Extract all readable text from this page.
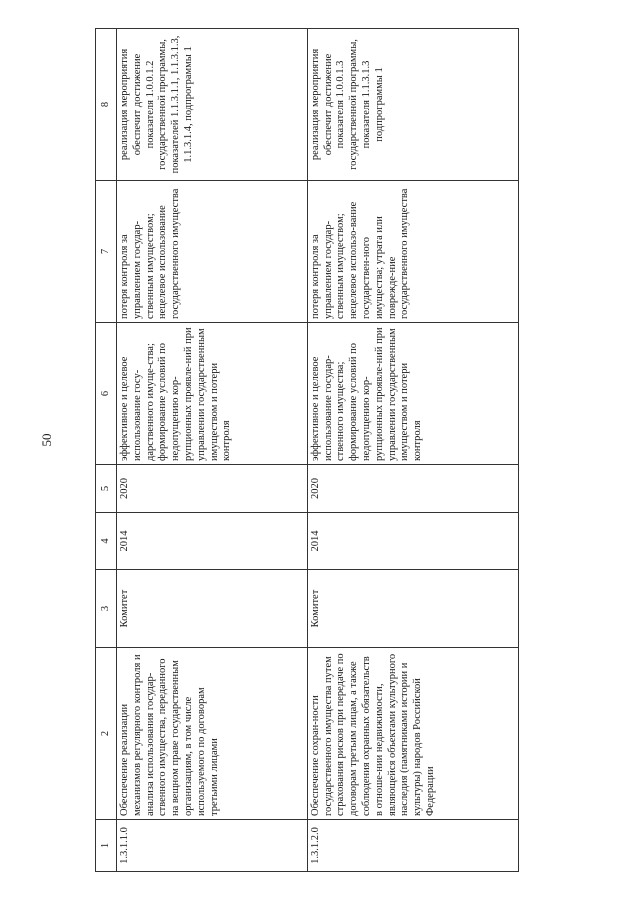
50
1	2	3	4	5	6	7	8
1.3.1.1.0	Обеспечение реализации механизмов регулярного контроля и анализа использования государ-ственного имущества, переданного на вещном праве государственным организациям, в том числе используемого по договорам третьими лицами	Комитет	2014	2020	эффективное и целевое использование госу-дарственного имуще-ства; формирование условий по недопущению кор-рупционных проявле-ний при управлении государственным имуществом и потери контроля	потеря контроля за управлением государ-ственным имуществом; нецелевое использование государственного имущества	реализация мероприятия обеспечит достижение показателя 1.0.0.1.2 государственной программы, показателей 1.1.3.1.1, 1.1.3.1.3, 1.1.3.1.4, подпрограммы 1
1.3.1.2.0	Обеспечение сохран-ности государственного имущества путем страхования рисков при передаче по договорам третьим лицам, а также соблюдения охранных обязательств в отноше-нии недвижимости, являющейся объектами культурного наследия (памятниками истории и культуры) народов Российской Федерации	Комитет	2014	2020	эффективное и целевое использование государ-ственного имущества; формирование условий по недопущению кор-рупционных проявле-ний при управлении государственным имуществом и потери контроля	потеря контроля за управлением государ-ственным имуществом; нецелевое использо-вание государствен-ного имущества; утрата или поврежде-ние государственного имущества	реализация мероприятия обеспечит достижение показателя 1.0.0.1.3 государственной программы, показателя 1.1.3.1.3 подпрограммы 1
